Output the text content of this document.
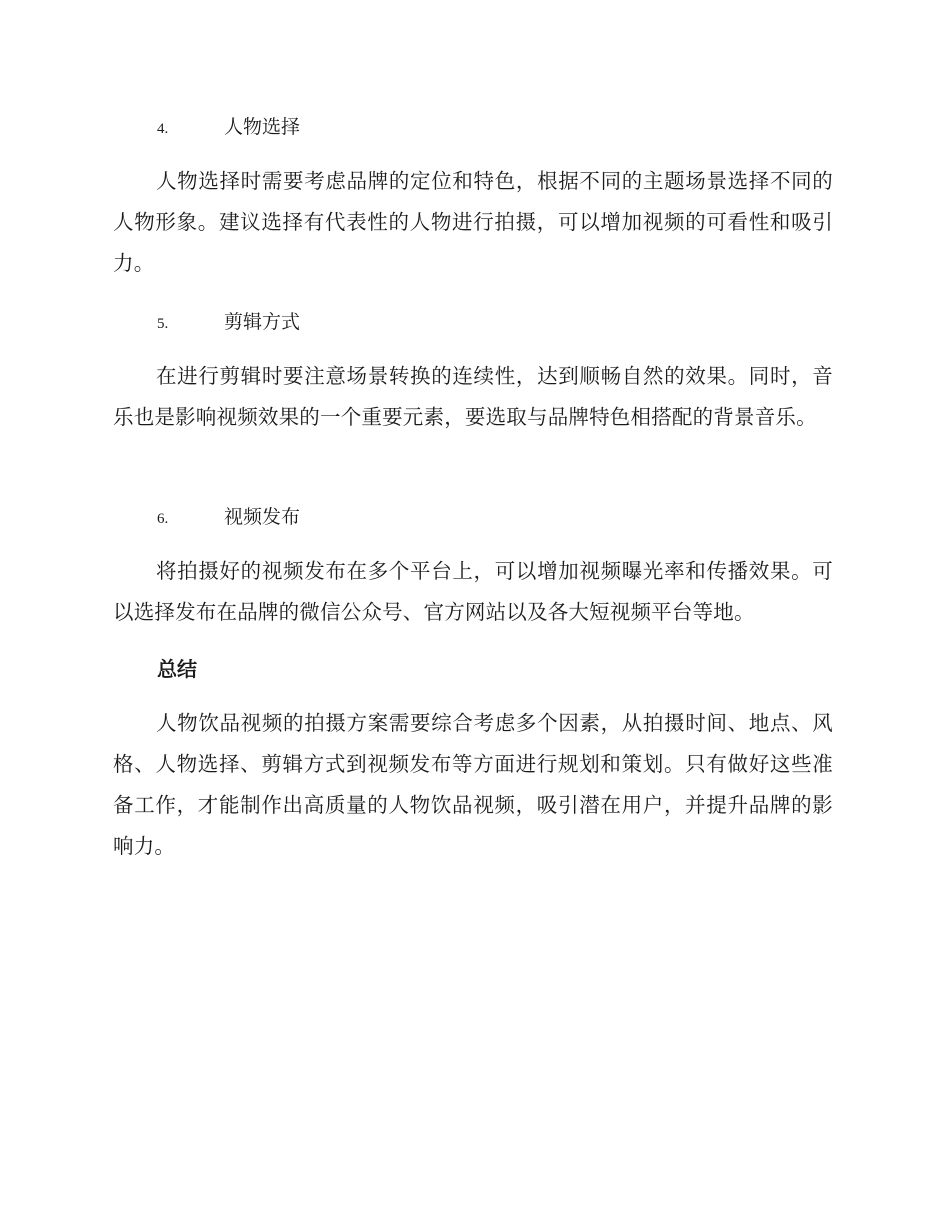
4.	人物选择

人物选择时需要考虑品牌的定位和特色，根据不同的主题场景选择不同的人物形象。建议选择有代表性的人物进行拍摄，可以增加视频的可看性和吸引力。

5.	剪辑方式

在进行剪辑时要注意场景转换的连续性，达到顺畅自然的效果。同时，音乐也是影响视频效果的一个重要元素，要选取与品牌特色相搭配的背景音乐。

6.	视频发布

将拍摄好的视频发布在多个平台上，可以增加视频曝光率和传播效果。可以选择发布在品牌的微信公众号、官方网站以及各大短视频平台等地。

总结

人物饮品视频的拍摄方案需要综合考虑多个因素，从拍摄时间、地点、风格、人物选择、剪辑方式到视频发布等方面进行规划和策划。只有做好这些准备工作，才能制作出高质量的人物饮品视频，吸引潜在用户，并提升品牌的影响力。
